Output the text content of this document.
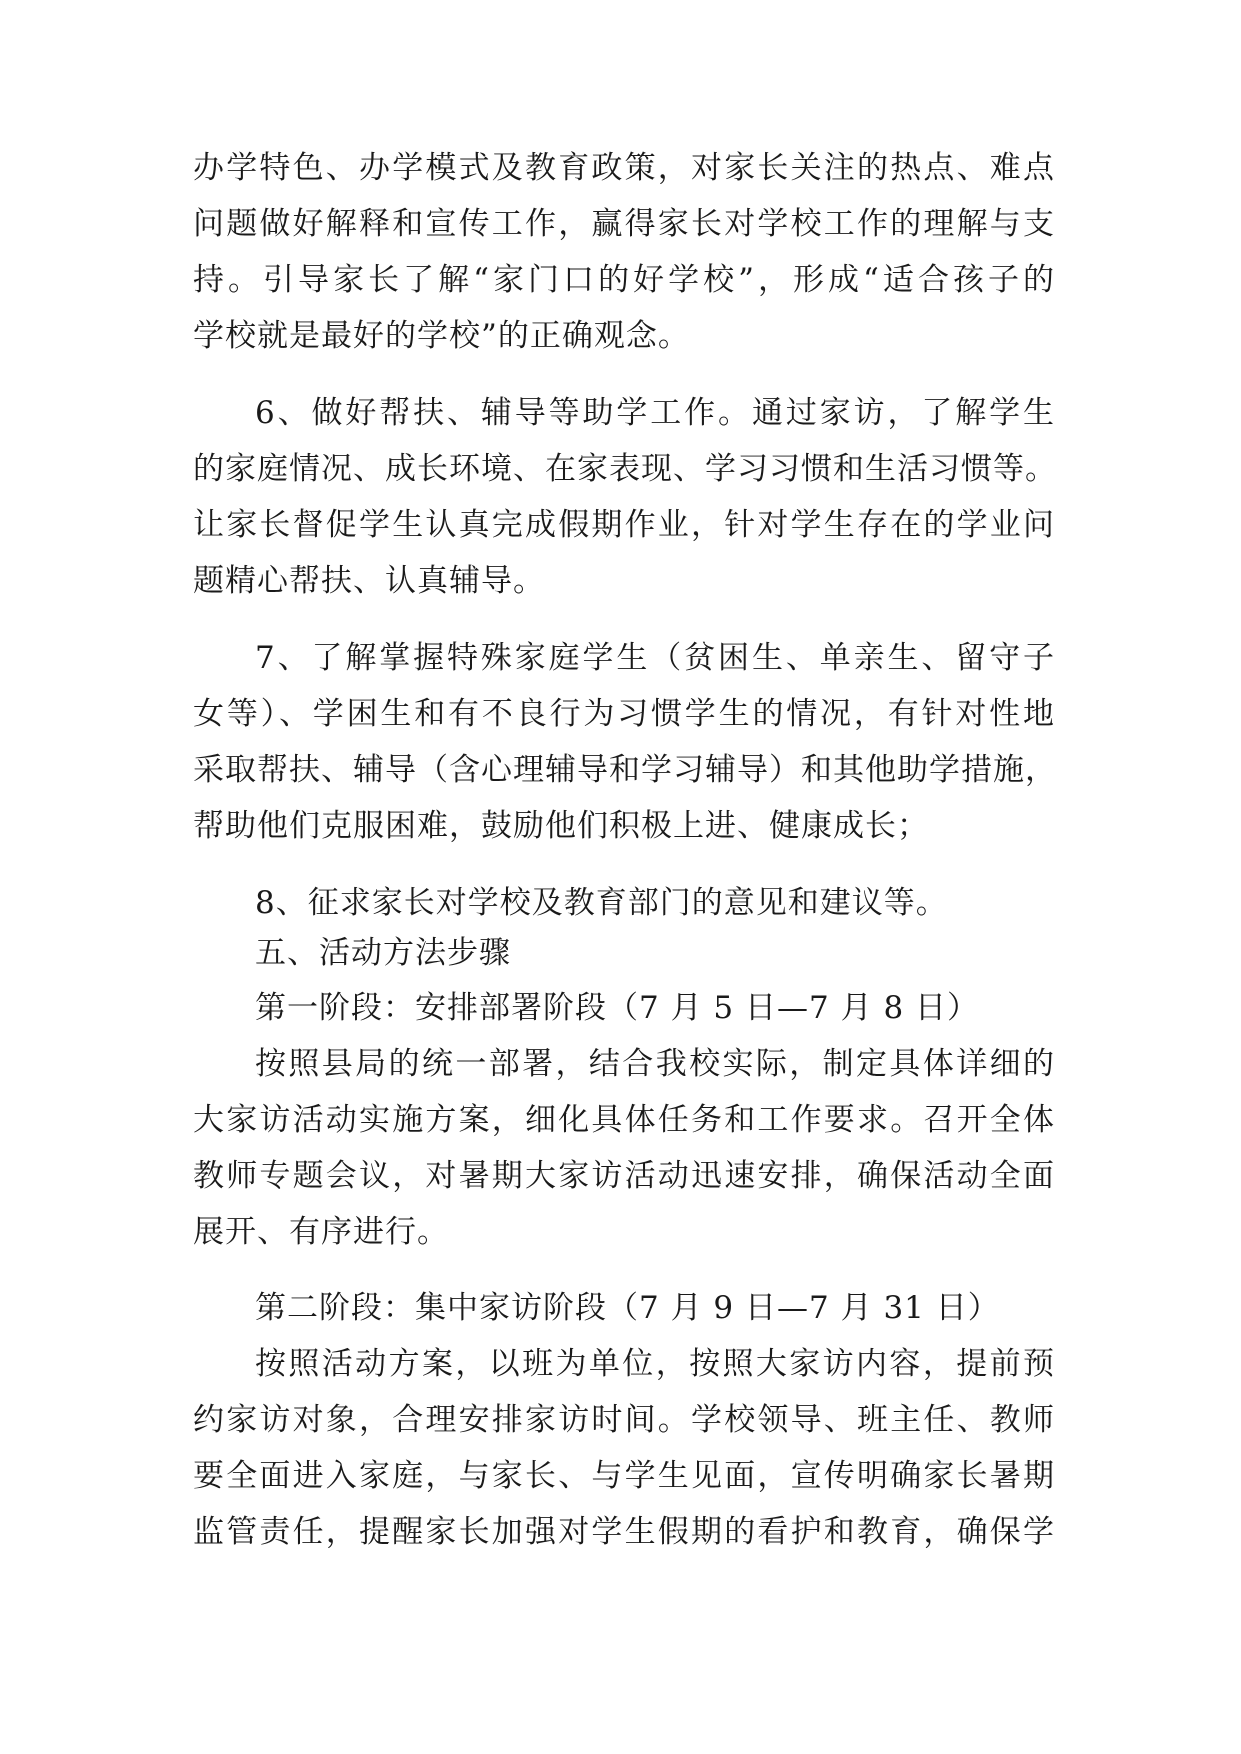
办学特色、办学模式及教育政策，对家长关注的热点、难点
问题做好解释和宣传工作，赢得家长对学校工作的理解与支
持。引导家长了解“家门口的好学校”，形成“适合孩子的
学校就是最好的学校”的正确观念。
6、做好帮扶、辅导等助学工作。通过家访，了解学生
的家庭情况、成长环境、在家表现、学习习惯和生活习惯等。
让家长督促学生认真完成假期作业，针对学生存在的学业问
题精心帮扶、认真辅导。
7、了解掌握特殊家庭学生（贫困生、单亲生、留守子
女等）、学困生和有不良行为习惯学生的情况，有针对性地
采取帮扶、辅导（含心理辅导和学习辅导）和其他助学措施，
帮助他们克服困难，鼓励他们积极上进、健康成长；
8、征求家长对学校及教育部门的意见和建议等。
五、活动方法步骤
第一阶段：安排部署阶段（7 月 5 日—7 月 8 日）
按照县局的统一部署，结合我校实际，制定具体详细的
大家访活动实施方案，细化具体任务和工作要求。召开全体
教师专题会议，对暑期大家访活动迅速安排，确保活动全面
展开、有序进行。
第二阶段：集中家访阶段（7 月 9 日—7 月 31 日）
按照活动方案，以班为单位，按照大家访内容，提前预
约家访对象，合理安排家访时间。学校领导、班主任、教师
要全面进入家庭，与家长、与学生见面，宣传明确家长暑期
监管责任，提醒家长加强对学生假期的看护和教育，确保学
